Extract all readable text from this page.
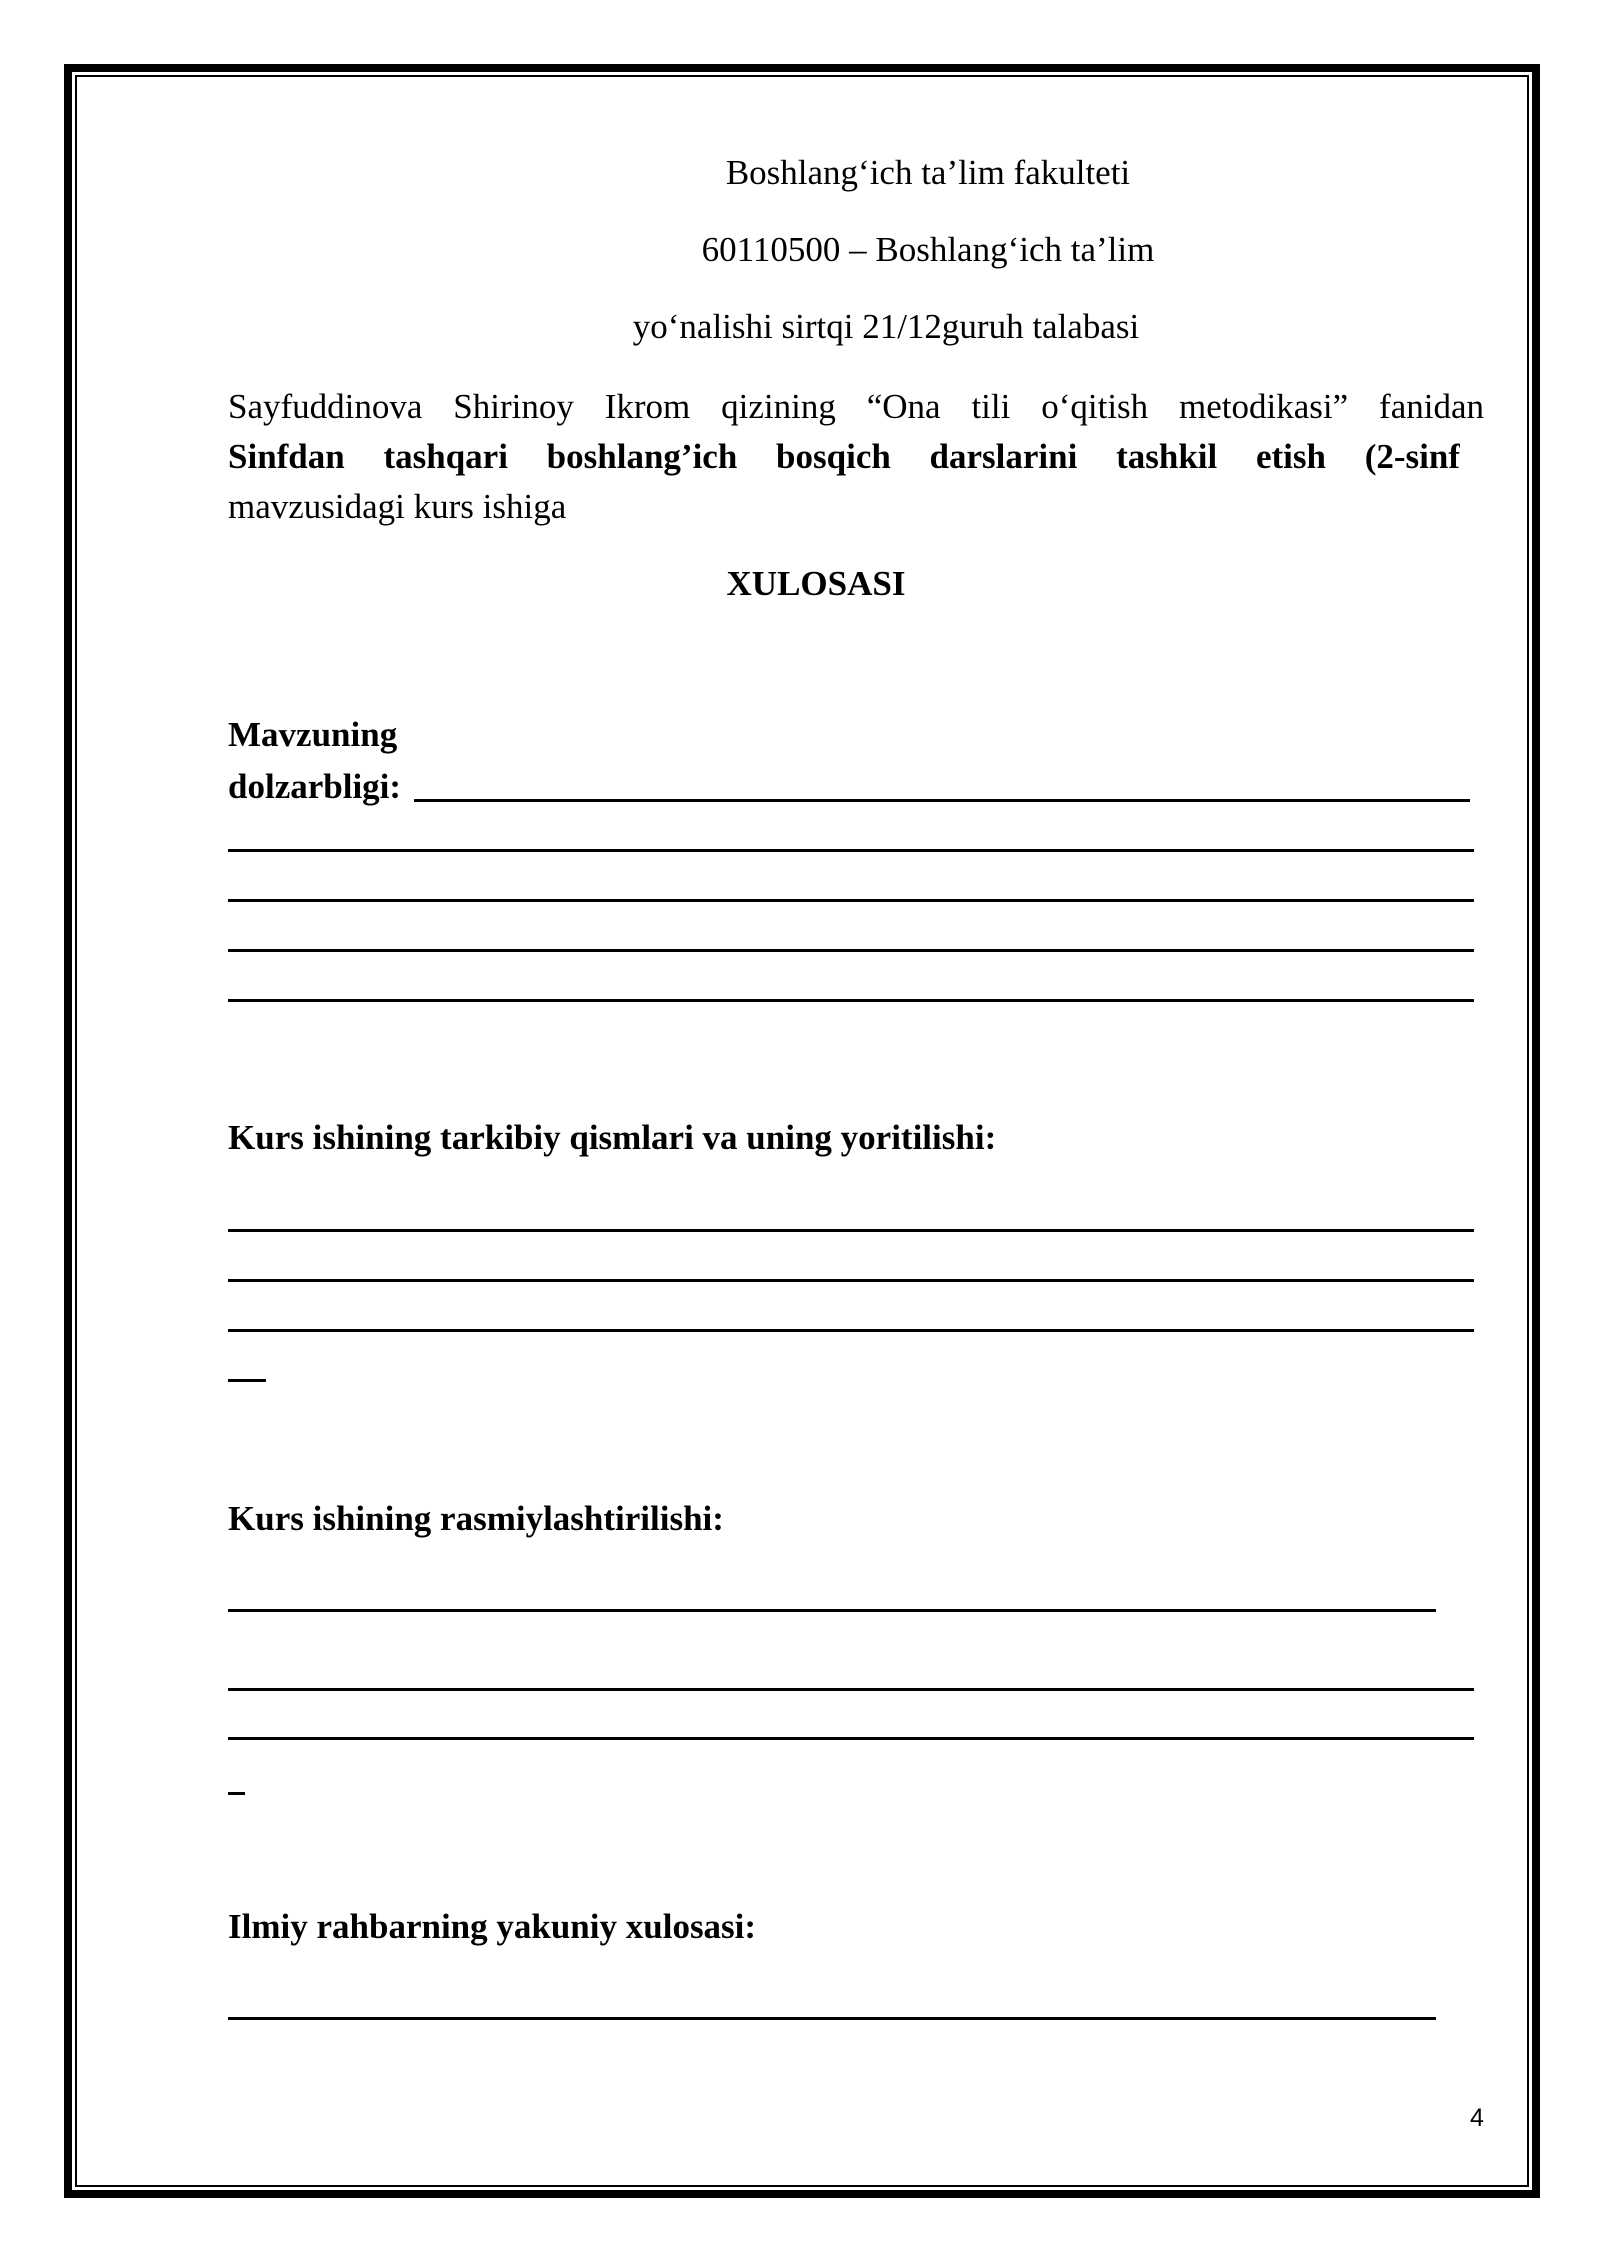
Boshlang‘ich ta’lim fakulteti
60110500 – Boshlang‘ich ta’lim
yo‘nalishi sirtqi 21/12guruh talabasi
Sayfuddinova Shirinoy Ikrom qizining “Ona tili o‘qitish metodikasi” fanidan
Sinfdan tashqari boshlang’ich bosqich darslarini tashkil etish (2-sinf
mavzusidagi kurs ishiga
XULOSASI
Mavzuning
dolzarbligi:
Kurs ishining tarkibiy qismlari va uning yoritilishi:
Kurs ishining rasmiylashtirilishi:
Ilmiy rahbarning yakuniy xulosasi:
4
